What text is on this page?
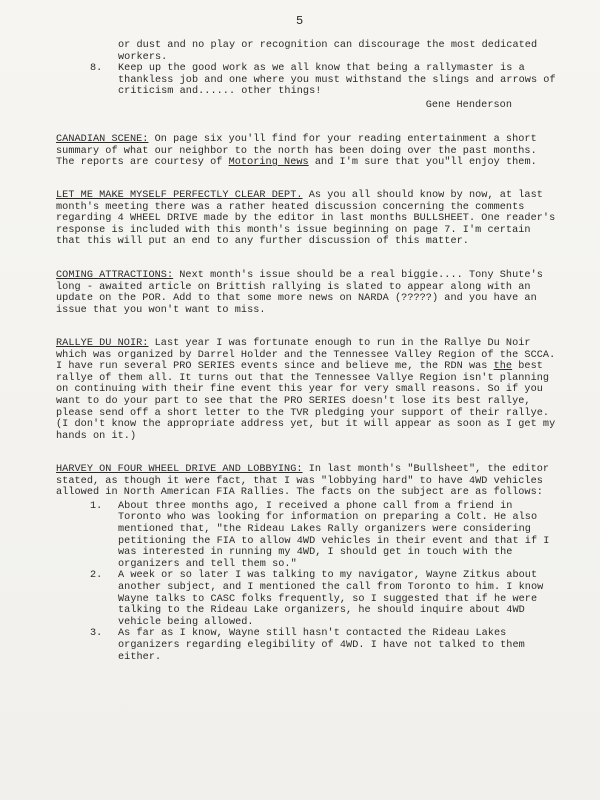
5
or dust and no play or recognition can discourage the most dedicated workers.
8.	Keep up the good work as we all know that being a rallymaster is a thankless job and one where you must withstand the slings and arrows of criticism and...... other things!
Gene Henderson

CANADIAN SCENE: On page six you'll find for your reading entertainment a short summary of what our neighbor to the north has been doing over the past months. The reports are courtesy of Motoring News and I'm sure that you"ll enjoy them.

LET ME MAKE MYSELF PERFECTLY CLEAR DEPT. As you all should know by now, at last month's meeting there was a rather heated discussion concerning the comments regarding 4 WHEEL DRIVE made by the editor in last months BULLSHEET. One reader's response is included with this month's issue beginning on page 7. I'm certain that this will put an end to any further discussion of this matter.

COMING ATTRACTIONS: Next month's issue should be a real biggie.... Tony Shute's long - awaited article on Brittish rallying is slated to appear along with an update on the POR. Add to that some more news on NARDA (?????) and you have an issue that you won't want to miss.

RALLYE DU NOIR: Last year I was fortunate enough to run in the Rallye Du Noir which was organized by Darrel Holder and the Tennessee Valley Region of the SCCA. I have run several PRO SERIES events since and believe me, the RDN was the best rallye of them all. It turns out that the Tennessee Vallye Region isn't planning on continuing with their fine event this year for very small reasons. So if you want to do your part to see that the PRO SERIES doesn't lose its best rallye, please send off a short letter to the TVR pledging your support of their rallye. (I don't know the appropriate address yet, but it will appear as soon as I get my hands on it.)

HARVEY ON FOUR WHEEL DRIVE AND LOBBYING: In last month's "Bullsheet", the editor stated, as though it were fact, that I was "lobbying hard" to have 4WD vehicles allowed in North American FIA Rallies. The facts on the subject are as follows:

1.	About three months ago, I received a phone call from a friend in Toronto who was looking for information on preparing a Colt. He also mentioned that, "the Rideau Lakes Rally organizers were considering petitioning the FIA to allow 4WD vehicles in their event and that if I was interested in running my 4WD, I should get in touch with the organizers and tell them so."
2.	A week or so later I was talking to my navigator, Wayne Zitkus about another subject, and I mentioned the call from Toronto to him. I know Wayne talks to CASC folks frequently, so I suggested that if he were talking to the Rideau Lake organizers, he should inquire about 4WD vehicle being allowed.
3.	As far as I know, Wayne still hasn't contacted the Rideau Lakes organizers regarding elegibility of 4WD. I have not talked to them either.
